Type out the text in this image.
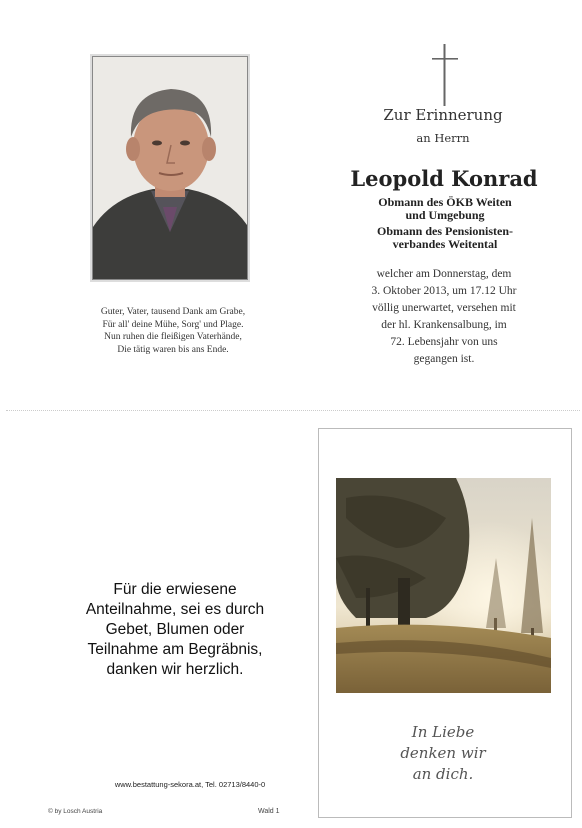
Guter, Vater, tausend Dank am Grabe,
Für all' deine Mühe, Sorg' und Plage.
Nun ruhen die fleißigen Vaterhände,
Die tätig waren bis ans Ende.
Zur Erinnerung
an Herrn
Leopold Konrad
Obmann des ÖKB Weiten
und Umgebung
Obmann des Pensionisten-
verbandes Weitental
welcher am Donnerstag, dem
3. Oktober 2013, um 17.12 Uhr
völlig unerwartet, versehen mit
der hl. Krankensalbung, im
72. Lebensjahr von uns
gegangen ist.
Für die erwiesene
Anteilnahme, sei es durch
Gebet, Blumen oder
Teilnahme am Begräbnis,
danken wir herzlich.
www.bestattung-sekora.at, Tel. 02713/8440-0
© by Losch Austria	Wald 1
In Liebe
denken wir
an dich.
